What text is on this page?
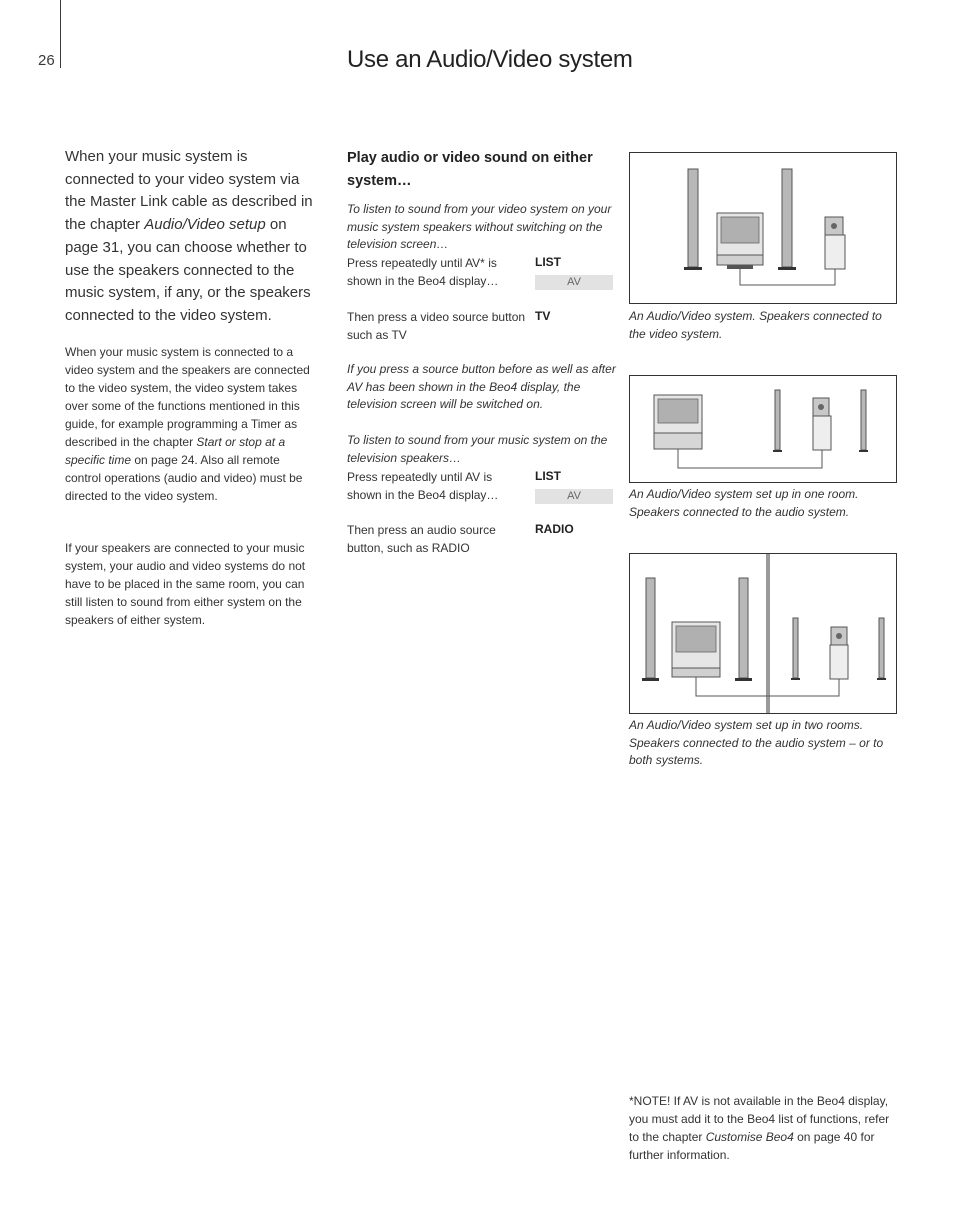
26	Use an Audio/Video system
When your music system is connected to your video system via the Master Link cable as described in the chapter Audio/Video setup on page 31, you can choose whether to use the speakers connected to the music system, if any, or the speakers connected to the video system.
When your music system is connected to a video system and the speakers are connected to the video system, the video system takes over some of the functions mentioned in this guide, for example programming a Timer as described in the chapter Start or stop at a specific time on page 24. Also all remote control operations (audio and video) must be directed to the video system.
If your speakers are connected to your music system, your audio and video systems do not have to be placed in the same room, you can still listen to sound from either system on the speakers of either system.
Play audio or video sound on either system…
To listen to sound from your video system on your music system speakers without switching on the television screen…
Press repeatedly until AV* is shown in the Beo4 display…
LIST
AV
Then press a video source button such as TV
TV
If you press a source button before as well as after AV has been shown in the Beo4 display, the television screen will be switched on.
To listen to sound from your music system on the television speakers…
Press repeatedly until AV is shown in the Beo4 display…
LIST
AV
Then press an audio source button, such as RADIO
RADIO
An Audio/Video system. Speakers connected to the video system.
An Audio/Video system set up in one room. Speakers connected to the audio system.
An Audio/Video system set up in two rooms. Speakers connected to the audio system – or to both systems.
*NOTE! If AV is not available in the Beo4 display, you must add it to the Beo4 list of functions, refer to the chapter Customise Beo4 on page 40 for further information.
